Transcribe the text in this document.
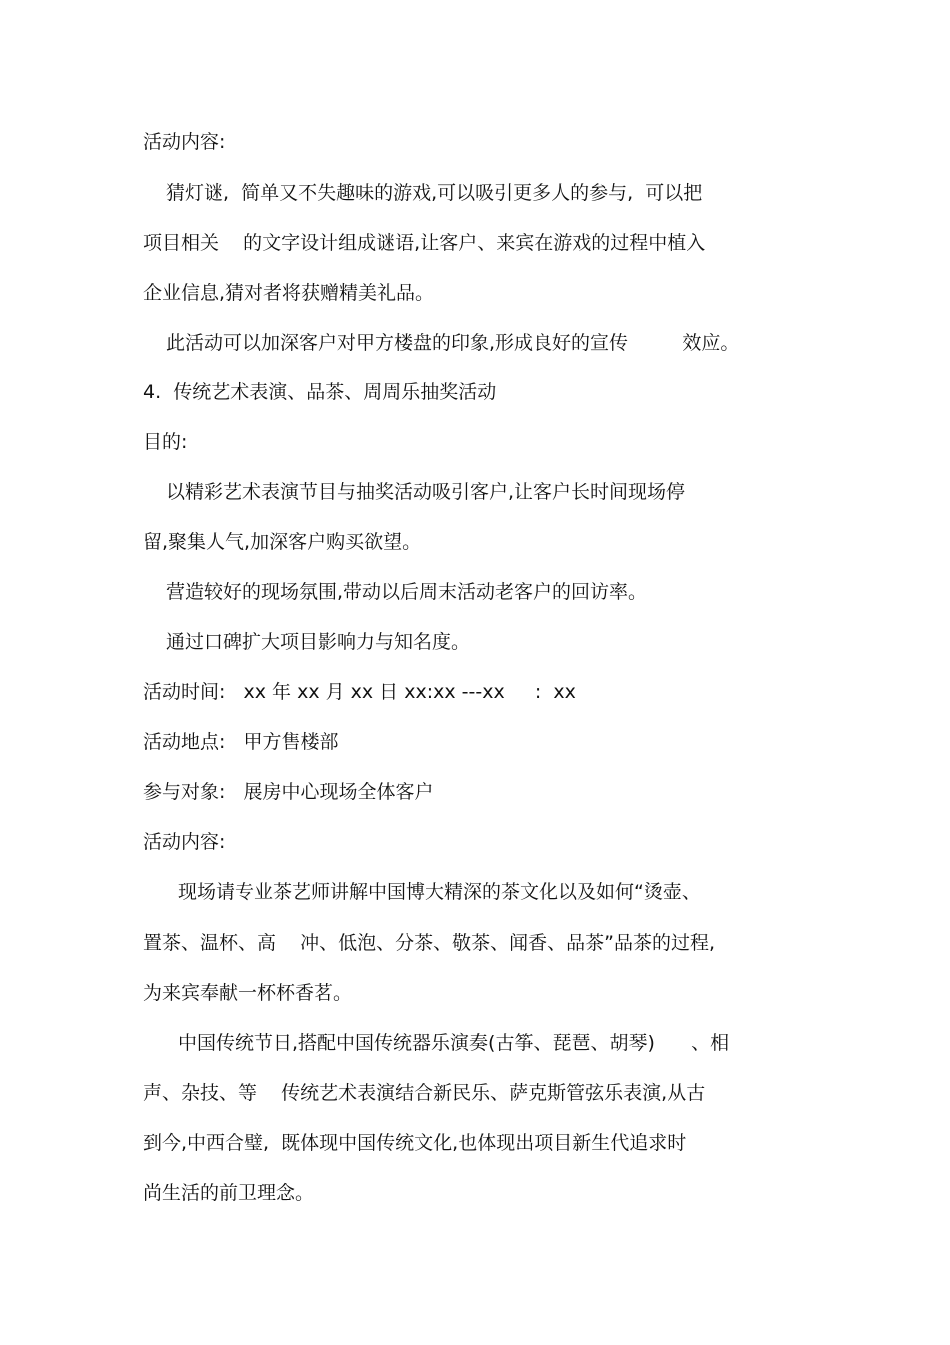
活动内容:
猜灯谜,  简单又不失趣味的游戏,可以吸引更多人的参与,  可以把
项目相关    的文字设计组成谜语,让客户、来宾在游戏的过程中植入
企业信息,猜对者将获赠精美礼品。
此活动可以加深客户对甲方楼盘的印象,形成良好的宣传         效应。
4.  传统艺术表演、品茶、周周乐抽奖活动
目的:
以精彩艺术表演节目与抽奖活动吸引客户,让客户长时间现场停
留,聚集人气,加深客户购买欲望。
营造较好的现场氛围,带动以后周末活动老客户的回访率。
通过口碑扩大项目影响力与知名度。
活动时间:   xx 年 xx 月 xx 日 xx:xx ---xx     :  xx
活动地点:   甲方售楼部
参与对象:   展房中心现场全体客户
活动内容:
现场请专业茶艺师讲解中国博大精深的茶文化以及如何“烫壶、
置茶、温杯、高    冲、低泡、分茶、敬茶、闻香、品茶”品茶的过程,
为来宾奉献一杯杯香茗。
中国传统节日,搭配中国传统器乐演奏(古筝、琵琶、胡琴)      、相
声、杂技、等    传统艺术表演结合新民乐、萨克斯管弦乐表演,从古
到今,中西合璧,  既体现中国传统文化,也体现出项目新生代追求时
尚生活的前卫理念。
